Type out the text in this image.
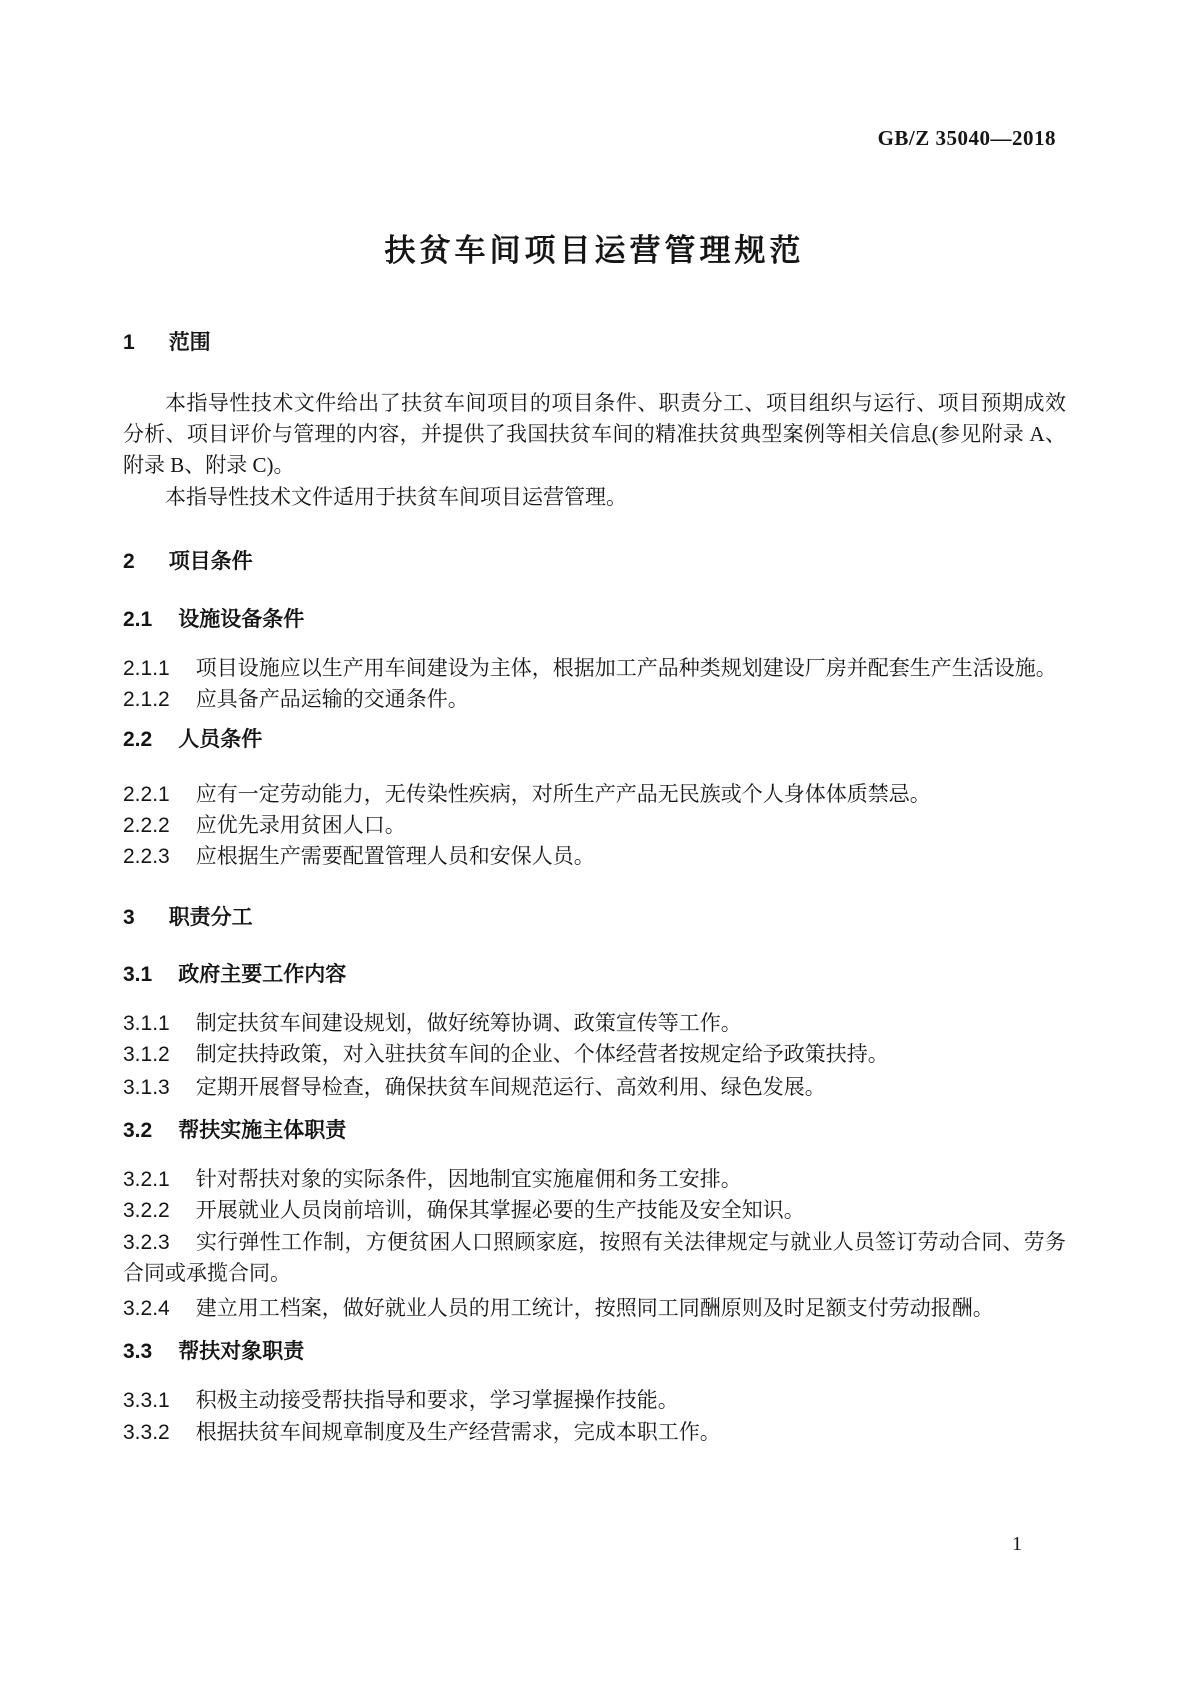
GB/Z 35040—2018
扶贫车间项目运营管理规范
1 范围

本指导性技术文件给出了扶贫车间项目的项目条件、职责分工、项目组织与运行、项目预期成效分析、项目评价与管理的内容，并提供了我国扶贫车间的精准扶贫典型案例等相关信息(参见附录 A、附录 B、附录 C)。

本指导性技术文件适用于扶贫车间项目运营管理。

2 项目条件
2.1 设施设备条件

2.1.1 项目设施应以生产用车间建设为主体，根据加工产品种类规划建设厂房并配套生产生活设施。

2.1.2 应具备产品运输的交通条件。

2.2 人员条件

2.2.1 应有一定劳动能力，无传染性疾病，对所生产产品无民族或个人身体体质禁忌。

2.2.2 应优先录用贫困人口。

2.2.3 应根据生产需要配置管理人员和安保人员。

3 职责分工
3.1 政府主要工作内容

3.1.1 制定扶贫车间建设规划，做好统筹协调、政策宣传等工作。

3.1.2 制定扶持政策，对入驻扶贫车间的企业、个体经营者按规定给予政策扶持。

3.1.3 定期开展督导检查，确保扶贫车间规范运行、高效利用、绿色发展。

3.2 帮扶实施主体职责

3.2.1 针对帮扶对象的实际条件，因地制宜实施雇佣和务工安排。

3.2.2 开展就业人员岗前培训，确保其掌握必要的生产技能及安全知识。

3.2.3 实行弹性工作制，方便贫困人口照顾家庭，按照有关法律规定与就业人员签订劳动合同、劳务合同或承揽合同。

3.2.4 建立用工档案，做好就业人员的用工统计，按照同工同酬原则及时足额支付劳动报酬。

3.3 帮扶对象职责

3.3.1 积极主动接受帮扶指导和要求，学习掌握操作技能。

3.3.2 根据扶贫车间规章制度及生产经营需求，完成本职工作。

1
